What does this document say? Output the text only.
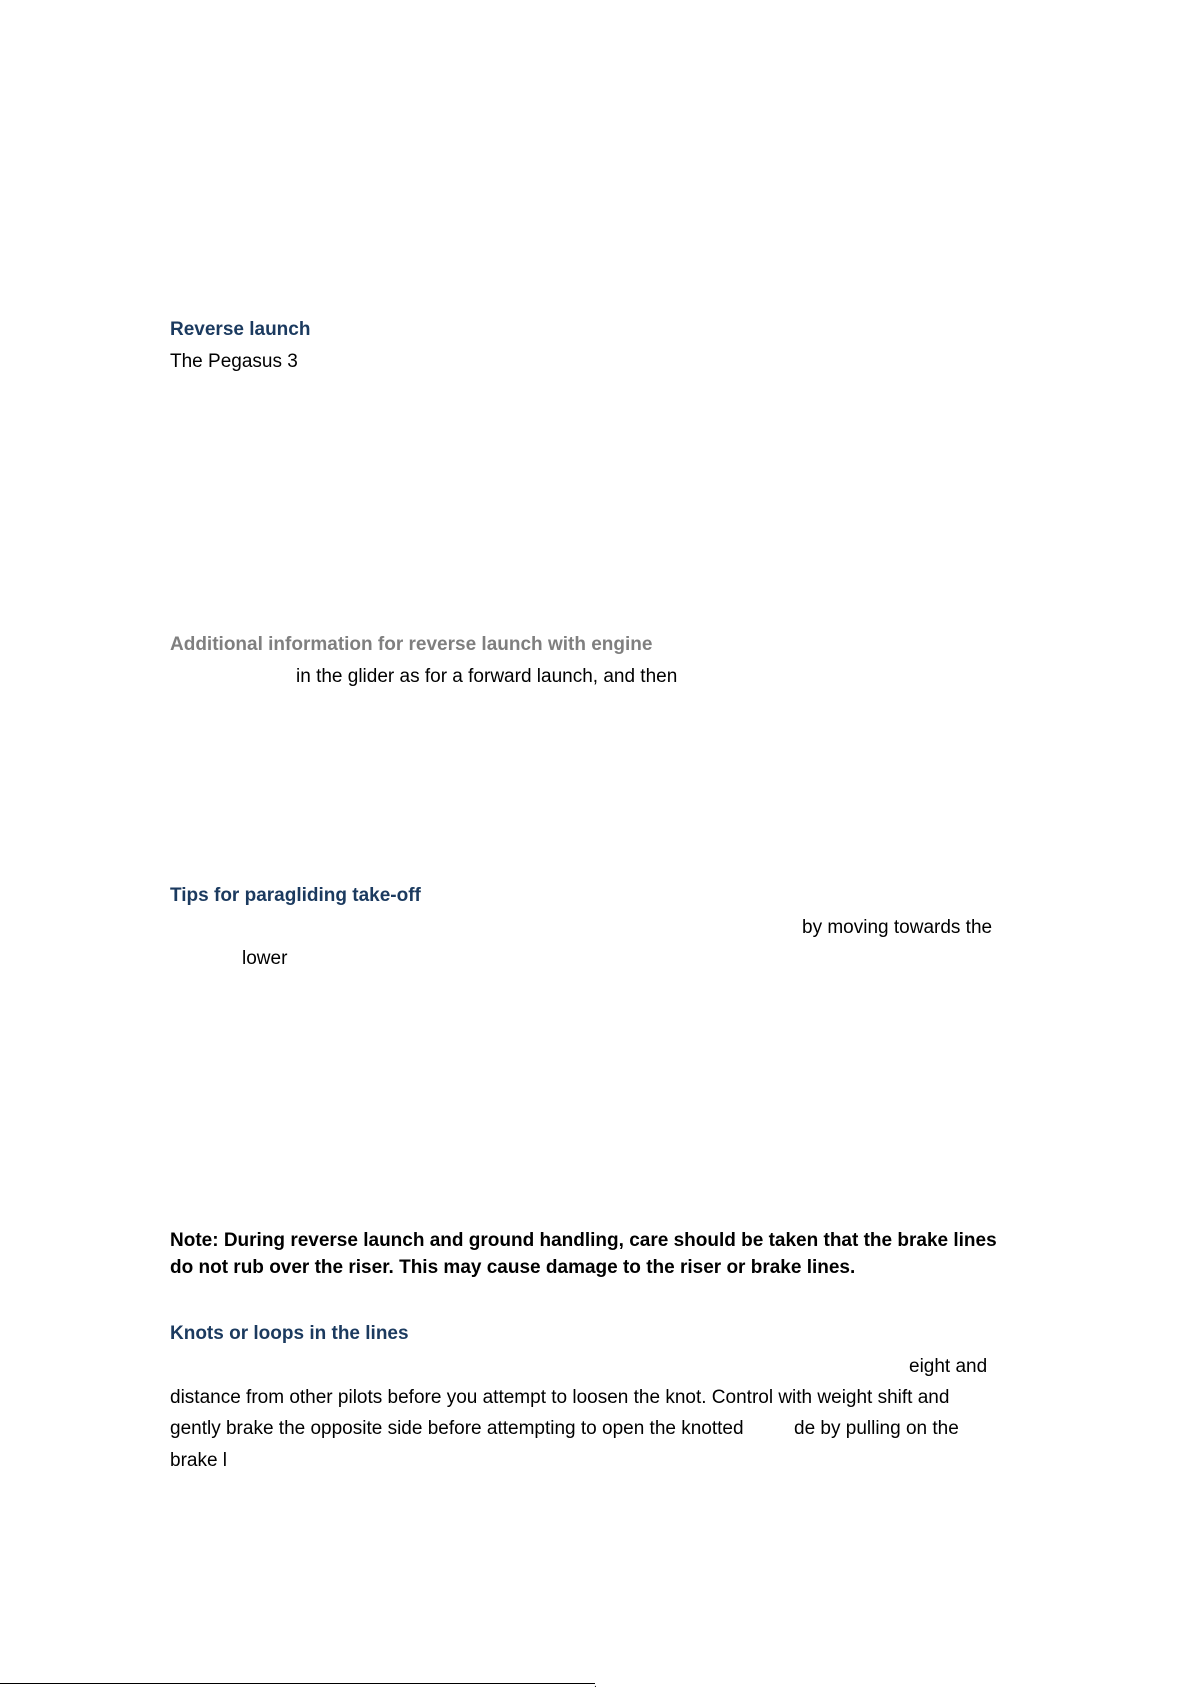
Reverse launch
The Pegasus 3
Additional information for reverse launch with engine
in the glider as for a forward launch, and then
Tips for paragliding take-off
by moving towards the
lower
Note: During reverse launch and ground handling, care should be taken that the brake lines
do not rub over the riser. This may cause damage to the riser or brake lines.
Knots or loops in the lines
eight and
distance from other pilots before you attempt to loosen the knot. Control with weight shift and
gently brake the opposite side before attempting to open the knotted	de by pulling on the
brake l
.
